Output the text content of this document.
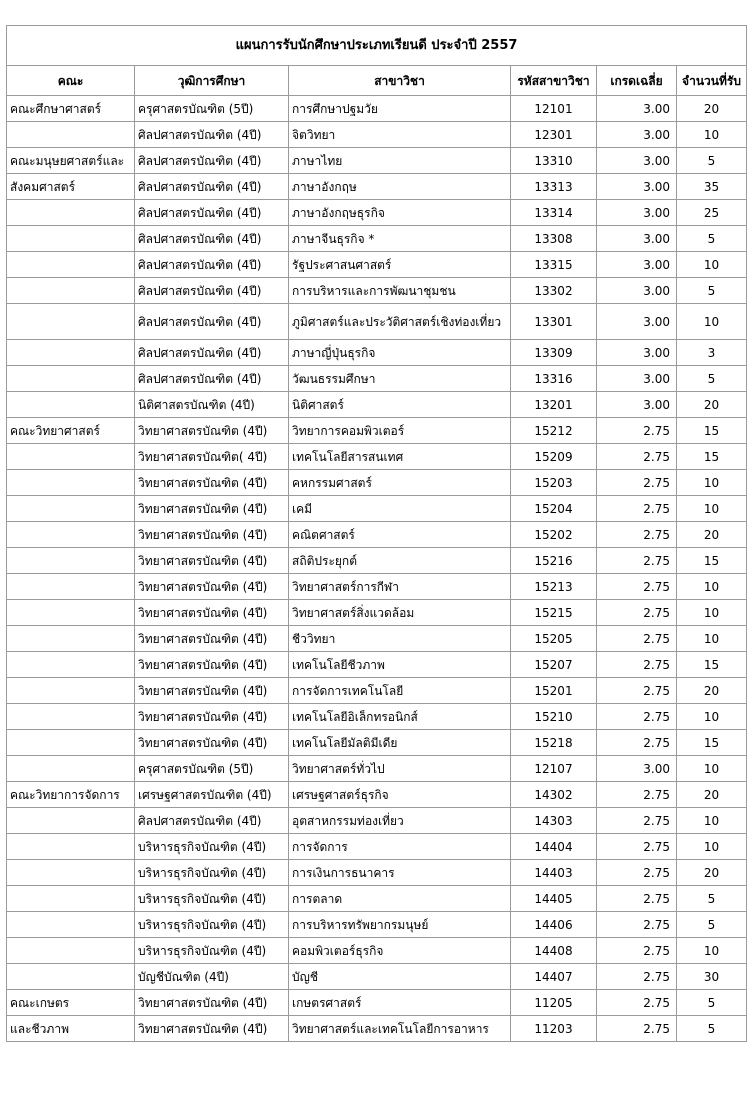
แผนการรับนักศึกษาประเภทเรียนดี ประจำปี 2557					
คณะ	วุฒิการศึกษา	สาขาวิชา	รหัสสาขาวิชา	เกรดเฉลี่ย	จำนวนที่รับ
คณะศึกษาศาสตร์	ครุศาสตรบัณฑิต (5ปี)	การศึกษาปฐมวัย	12101	3.00	20
	ศิลปศาสตรบัณฑิต (4ปี)	จิตวิทยา	12301	3.00	10
คณะมนุษยศาสตร์และ	ศิลปศาสตรบัณฑิต (4ปี)	ภาษาไทย	13310	3.00	5
สังคมศาสตร์	ศิลปศาสตรบัณฑิต (4ปี)	ภาษาอังกฤษ	13313	3.00	35
	ศิลปศาสตรบัณฑิต (4ปี)	ภาษาอังกฤษธุรกิจ	13314	3.00	25
	ศิลปศาสตรบัณฑิต (4ปี)	ภาษาจีนธุรกิจ *	13308	3.00	5
	ศิลปศาสตรบัณฑิต (4ปี)	รัฐประศาสนศาสตร์	13315	3.00	10
	ศิลปศาสตรบัณฑิต (4ปี)	การบริหารและการพัฒนาชุมชน	13302	3.00	5
	ศิลปศาสตรบัณฑิต (4ปี)	ภูมิศาสตร์และประวัติศาสตร์เชิงท่องเที่ยว	13301	3.00	10
	ศิลปศาสตรบัณฑิต (4ปี)	ภาษาญี่ปุ่นธุรกิจ	13309	3.00	3
	ศิลปศาสตรบัณฑิต (4ปี)	วัฒนธรรมศึกษา	13316	3.00	5
	นิติศาสตรบัณฑิต (4ปี)	นิติศาสตร์	13201	3.00	20
คณะวิทยาศาสตร์	วิทยาศาสตรบัณฑิต (4ปี)	วิทยาการคอมพิวเตอร์	15212	2.75	15
	วิทยาศาสตรบัณฑิต( 4ปี)	เทคโนโลยีสารสนเทศ	15209	2.75	15
	วิทยาศาสตรบัณฑิต (4ปี)	คหกรรมศาสตร์	15203	2.75	10
	วิทยาศาสตรบัณฑิต (4ปี)	เคมี	15204	2.75	10
	วิทยาศาสตรบัณฑิต (4ปี)	คณิตศาสตร์	15202	2.75	20
	วิทยาศาสตรบัณฑิต (4ปี)	สถิติประยุกต์	15216	2.75	15
	วิทยาศาสตรบัณฑิต (4ปี)	วิทยาศาสตร์การกีฬา	15213	2.75	10
	วิทยาศาสตรบัณฑิต (4ปี)	วิทยาศาสตร์สิ่งแวดล้อม	15215	2.75	10
	วิทยาศาสตรบัณฑิต (4ปี)	ชีววิทยา	15205	2.75	10
	วิทยาศาสตรบัณฑิต (4ปี)	เทคโนโลยีชีวภาพ	15207	2.75	15
	วิทยาศาสตรบัณฑิต (4ปี)	การจัดการเทคโนโลยี	15201	2.75	20
	วิทยาศาสตรบัณฑิต (4ปี)	เทคโนโลยีอิเล็กทรอนิกส์	15210	2.75	10
	วิทยาศาสตรบัณฑิต (4ปี)	เทคโนโลยีมัลติมีเดีย	15218	2.75	15
	ครุศาสตรบัณฑิต (5ปี)	วิทยาศาสตร์ทั่วไป	12107	3.00	10
คณะวิทยาการจัดการ	เศรษฐศาสตรบัณฑิต (4ปี)	เศรษฐศาสตร์ธุรกิจ	14302	2.75	20
	ศิลปศาสตรบัณฑิต (4ปี)	อุตสาหกรรมท่องเที่ยว	14303	2.75	10
	บริหารธุรกิจบัณฑิต (4ปี)	การจัดการ	14404	2.75	10
	บริหารธุรกิจบัณฑิต (4ปี)	การเงินการธนาคาร	14403	2.75	20
	บริหารธุรกิจบัณฑิต (4ปี)	การตลาด	14405	2.75	5
	บริหารธุรกิจบัณฑิต (4ปี)	การบริหารทรัพยากรมนุษย์	14406	2.75	5
	บริหารธุรกิจบัณฑิต (4ปี)	คอมพิวเตอร์ธุรกิจ	14408	2.75	10
	บัญชีบัณฑิต (4ปี)	บัญชี	14407	2.75	30
คณะเกษตร	วิทยาศาสตรบัณฑิต (4ปี)	เกษตรศาสตร์	11205	2.75	5
และชีวภาพ	วิทยาศาสตรบัณฑิต (4ปี)	วิทยาศาสตร์และเทคโนโลยีการอาหาร	11203	2.75	5
